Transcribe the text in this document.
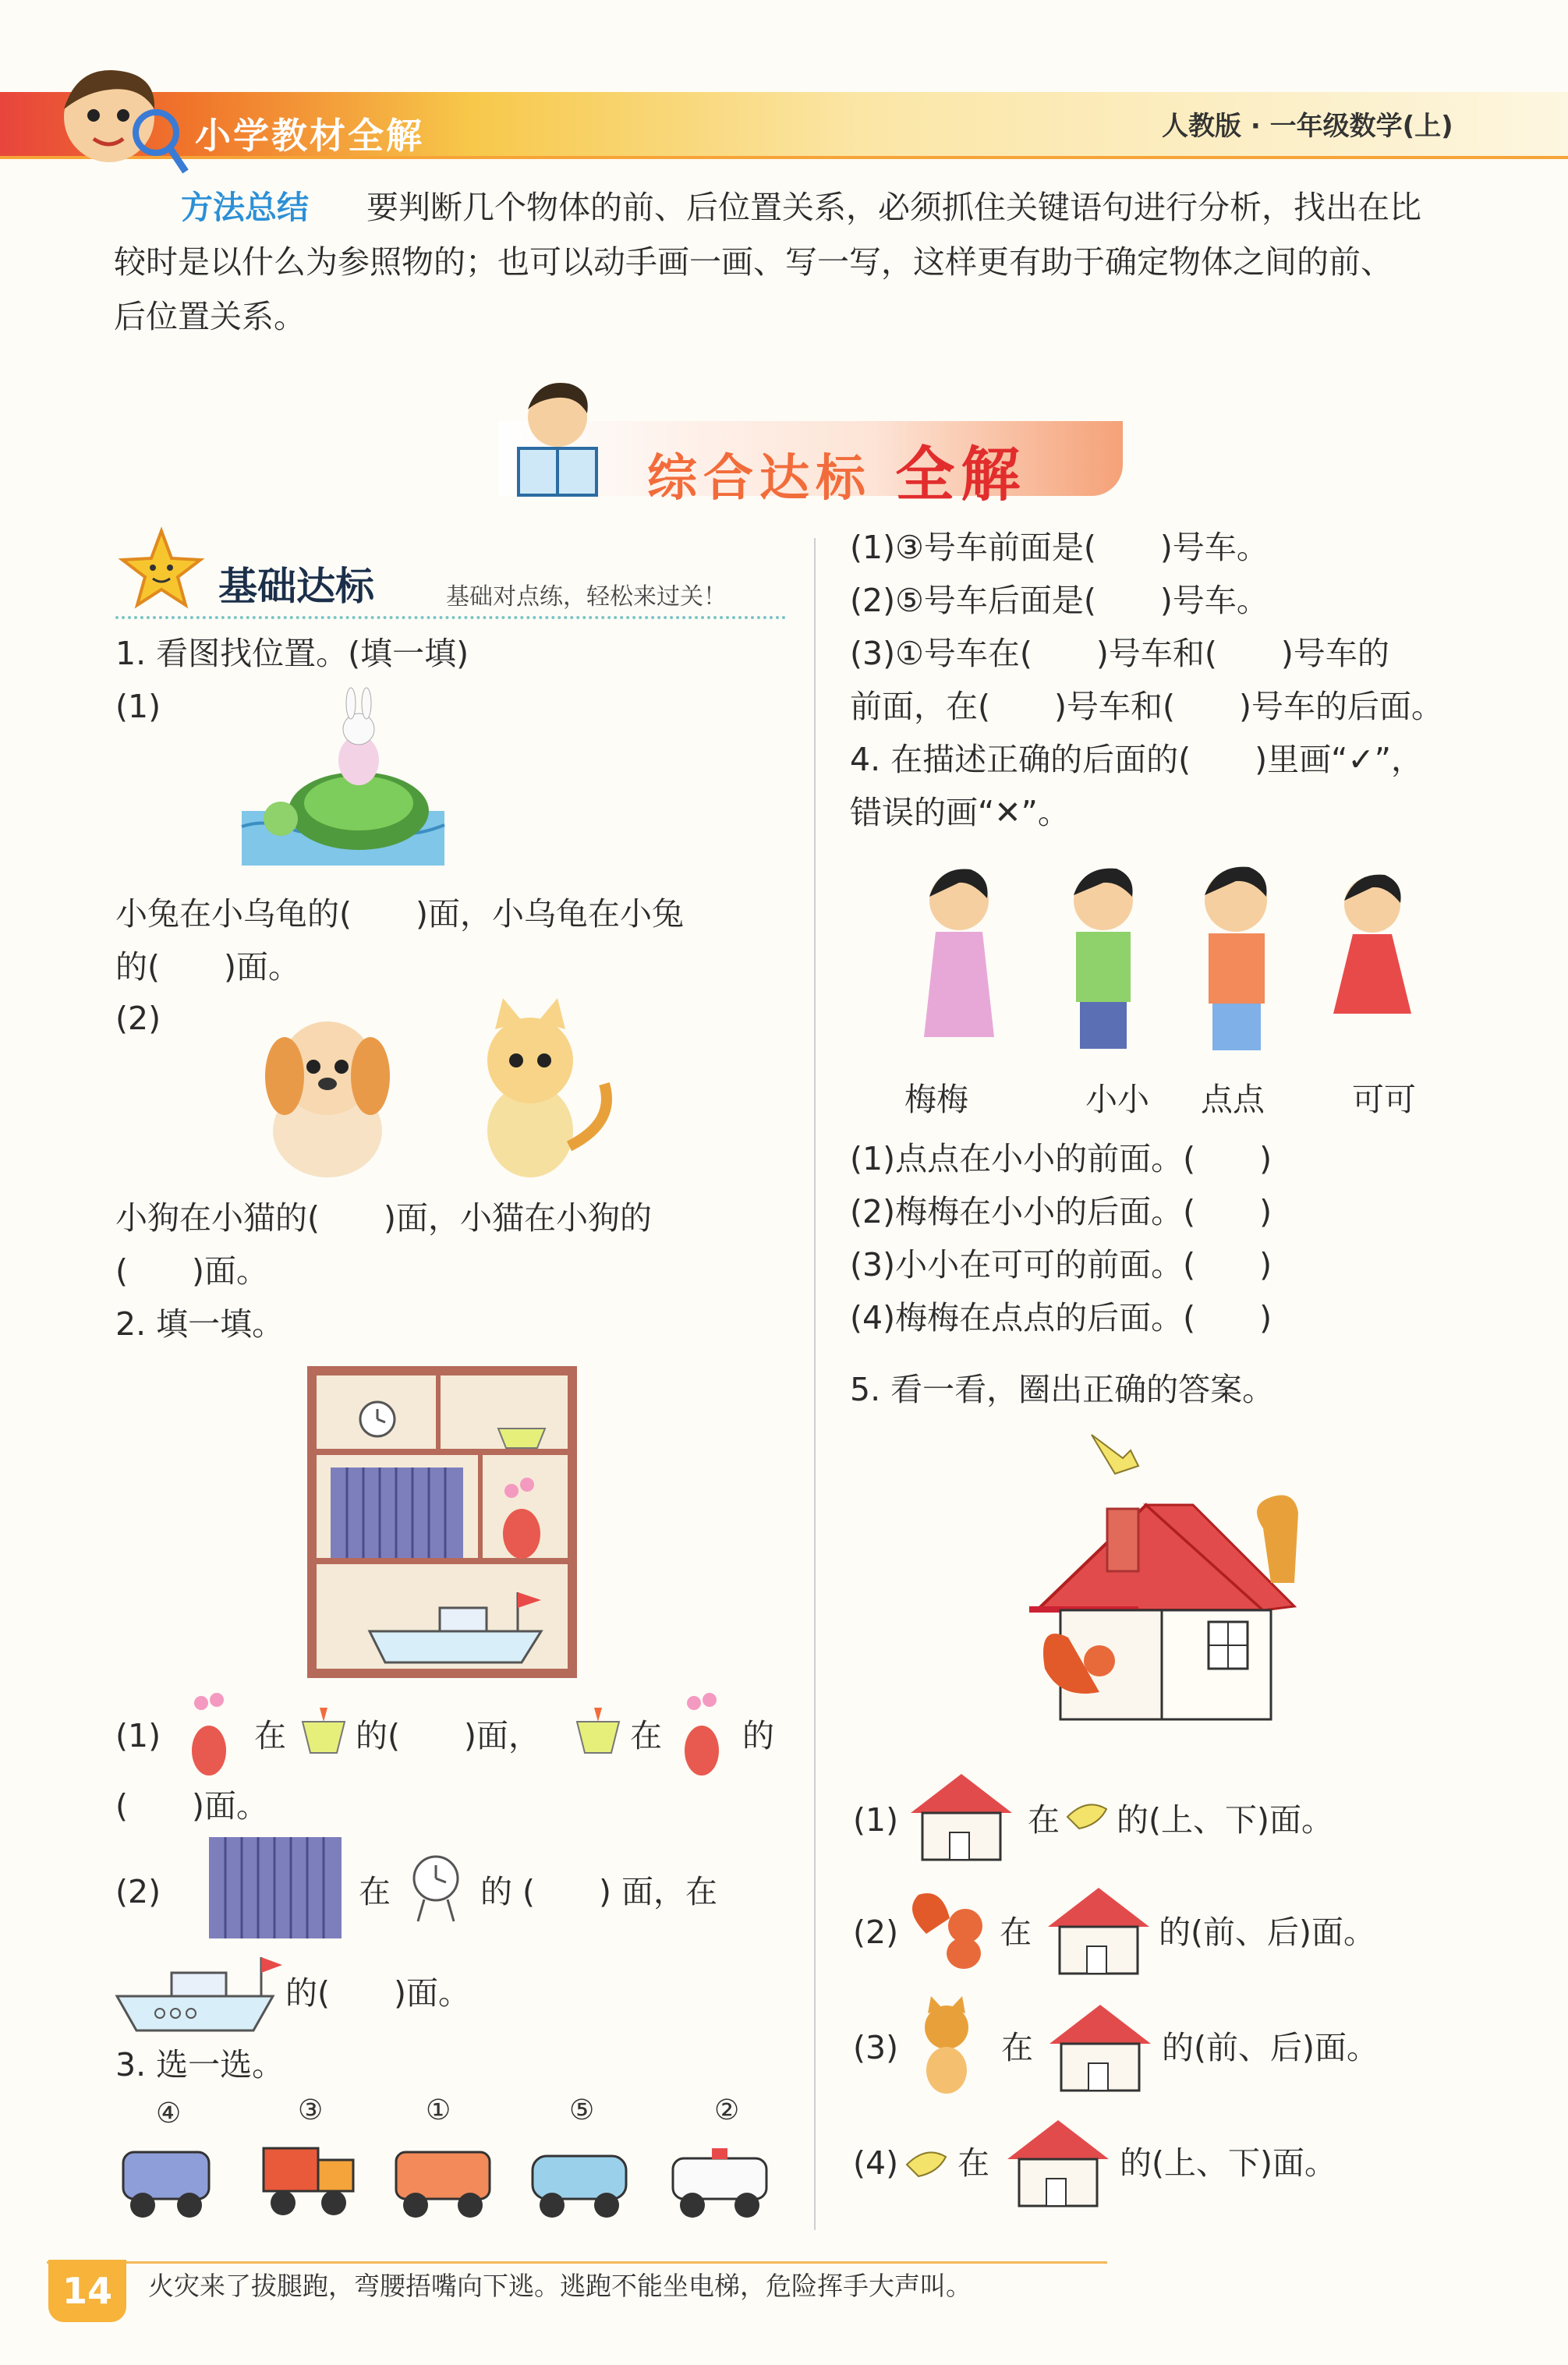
小学教材全解	人教版 · 一年级数学(上)
方法总结 要判断几个物体的前、后位置关系，必须抓住关键语句进行分析，找出在比
较时是以什么为参照物的；也可以动手画一画、写一写，这样更有助于确定物体之间的前、
后位置关系。
综合达标 全解
基础达标	基础对点练，轻松来过关！
1. 看图找位置。(填一填)
(1)
小兔在小乌龟的(　　)面，小乌龟在小兔
的(　　)面。
(2)
小狗在小猫的(　　)面，小猫在小狗的
(　　)面。
2. 填一填。
(1)	在 的(　　)面，	在	的
(　　)面。
(2)	在	的 (　　) 面，在
的(　　)面。
3. 选一选。
④	③	①	⑤	②
(1)③号车前面是(　　)号车。
(2)⑤号车后面是(　　)号车。
(3)①号车在(　　)号车和(　　)号车的
前面，在(　　)号车和(　　)号车的后面。
4. 在描述正确的后面的(　　)里画“✓”，
错误的画“✕”。
梅梅	小小 点点	可可
(1)点点在小小的前面。(　　)
(2)梅梅在小小的后面。(　　)
(3)小小在可可的前面。(　　)
(4)梅梅在点点的后面。(　　)
5. 看一看，圈出正确的答案。
(1)	在 的(上、下)面。
(2)	在	的(前、后)面。
(3)	在	的(前、后)面。
(4) 在	的(上、下)面。
14	火灾来了拔腿跑，弯腰捂嘴向下逃。逃跑不能坐电梯，危险挥手大声叫。
